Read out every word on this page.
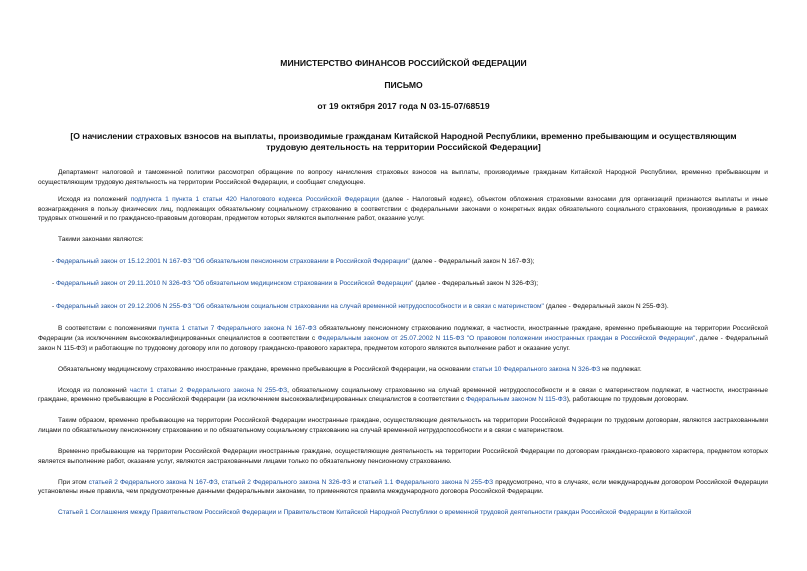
МИНИСТЕРСТВО ФИНАНСОВ РОССИЙСКОЙ ФЕДЕРАЦИИ
ПИСЬМО
от 19 октября 2017 года N 03-15-07/68519
[О начислении страховых взносов на выплаты, производимые гражданам Китайской Народной Республики, временно пребывающим и осуществляющим трудовую деятельность на территории Российской Федерации]

Департамент налоговой и таможенной политики рассмотрел обращение по вопросу начисления страховых взносов на выплаты, производимые гражданам Китайской Народной Республики, временно пребывающим и осуществляющим трудовую деятельность на территории Российской Федерации, и сообщает следующее.

Исходя из положений подпункта 1 пункта 1 статьи 420 Налогового кодекса Российской Федерации (далее - Налоговый кодекс), объектом обложения страховыми взносами для организаций признаются выплаты и иные вознаграждения в пользу физических лиц, подлежащих обязательному социальному страхованию в соответствии с федеральными законами о конкретных видах обязательного социального страхования, производимые в рамках трудовых отношений и по гражданско-правовым договорам, предметом которых являются выполнение работ, оказание услуг.

Такими законами являются:

- Федеральный закон от 15.12.2001 N 167-ФЗ "Об обязательном пенсионном страховании в Российской Федерации" (далее - Федеральный закон N 167-ФЗ);

- Федеральный закон от 29.11.2010 N 326-ФЗ "Об обязательном медицинском страховании в Российской Федерации" (далее - Федеральный закон N 326-ФЗ);

- Федеральный закон от 29.12.2006 N 255-ФЗ "Об обязательном социальном страховании на случай временной нетрудоспособности и в связи с материнством" (далее - Федеральный закон N 255-ФЗ).

В соответствии с положениями пункта 1 статьи 7 Федерального закона N 167-ФЗ обязательному пенсионному страхованию подлежат, в частности, иностранные граждане, временно пребывающие на территории Российской Федерации (за исключением высококвалифицированных специалистов в соответствии с Федеральным законом от 25.07.2002 N 115-ФЗ "О правовом положении иностранных граждан в Российской Федерации", далее - Федеральный закон N 115-ФЗ) и работающие по трудовому договору или по договору гражданско-правового характера, предметом которого являются выполнение работ и оказание услуг.

Обязательному медицинскому страхованию иностранные граждане, временно пребывающие в Российской Федерации, на основании статьи 10 Федерального закона N 326-ФЗ не подлежат.

Исходя из положений части 1 статьи 2 Федерального закона N 255-ФЗ, обязательному социальному страхованию на случай временной нетрудоспособности и в связи с материнством подлежат, в частности, иностранные граждане, временно пребывающие в Российской Федерации (за исключением высококвалифицированных специалистов в соответствии с Федеральным законом N 115-ФЗ), работающие по трудовым договорам.

Таким образом, временно пребывающие на территории Российской Федерации иностранные граждане, осуществляющие деятельность на территории Российской Федерации по трудовым договорам, являются застрахованными лицами по обязательному пенсионному страхованию и по обязательному социальному страхованию на случай временной нетрудоспособности и в связи с материнством.

Временно пребывающие на территории Российской Федерации иностранные граждане, осуществляющие деятельность на территории Российской Федерации по договорам гражданско-правового характера, предметом которых является выполнение работ, оказание услуг, являются застрахованными лицами только по обязательному пенсионному страхованию.

При этом статьей 2 Федерального закона N 167-ФЗ, статьей 2 Федерального закона N 326-ФЗ и статьей 1.1 Федерального закона N 255-ФЗ предусмотрено, что в случаях, если международным договором Российской Федерации установлены иные правила, чем предусмотренные данными федеральными законами, то применяются правила международного договора Российской Федерации.

Статьей 1 Соглашения между Правительством Российской Федерации и Правительством Китайской Народной Республики о временной трудовой деятельности граждан Российской Федерации в Китайской
